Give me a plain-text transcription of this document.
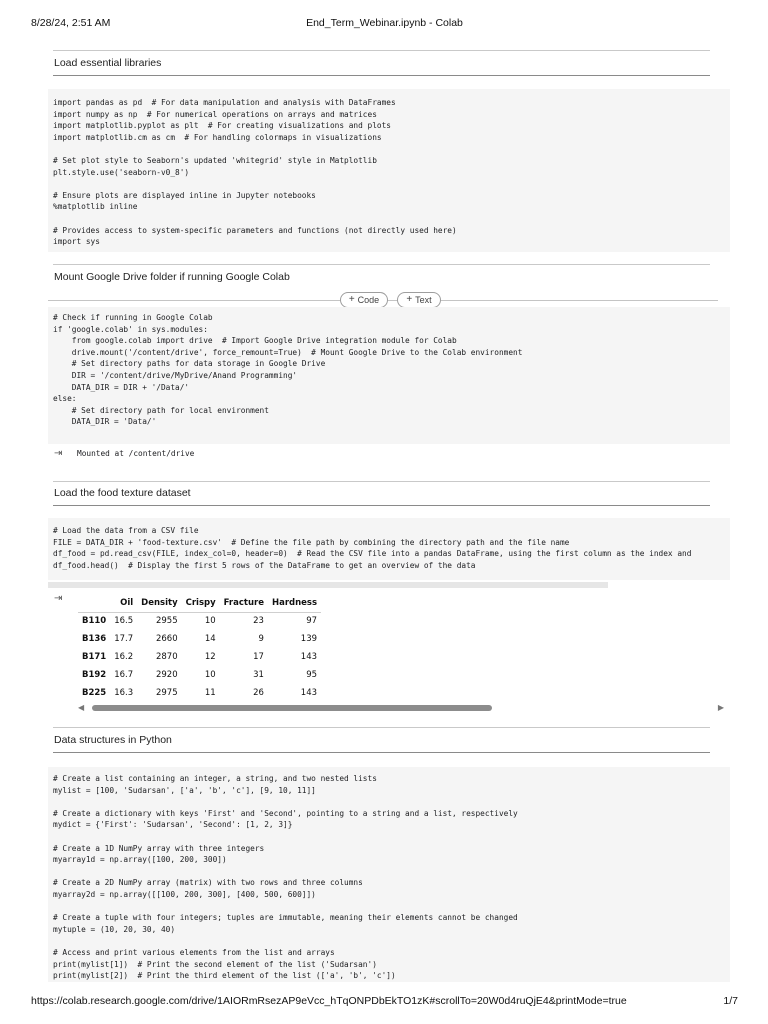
8/28/24, 2:51 AM	End_Term_Webinar.ipynb - Colab
Load essential libraries
import pandas as pd  # For data manipulation and analysis with DataFrames
import numpy as np  # For numerical operations on arrays and matrices
import matplotlib.pyplot as plt  # For creating visualizations and plots
import matplotlib.cm as cm  # For handling colormaps in visualizations

# Set plot style to Seaborn's updated 'whitegrid' style in Matplotlib
plt.style.use('seaborn-v0_8')

# Ensure plots are displayed inline in Jupyter notebooks
%matplotlib inline

# Provides access to system-specific parameters and functions (not directly used here)
import sys
Mount Google Drive folder if running Google Colab
+ Code	+ Text
# Check if running in Google Colab
if 'google.colab' in sys.modules:
from google.colab import drive  # Import Google Drive integration module for Colab
drive.mount('/content/drive', force_remount=True)  # Mount Google Drive to the Colab environment
# Set directory paths for data storage in Google Drive
DIR = '/content/drive/MyDrive/Anand Programming'
DATA_DIR = DIR + '/Data/'
else:
# Set directory path for local environment
DATA_DIR = 'Data/'
⇥	Mounted at /content/drive
Load the food texture dataset
# Load the data from a CSV file
FILE = DATA_DIR + 'food-texture.csv'  # Define the file path by combining the directory path and the file name
df_food = pd.read_csv(FILE, index_col=0, header=0)  # Read the CSV file into a pandas DataFrame, using the first column as the index and
df_food.head()  # Display the first 5 rows of the DataFrame to get an overview of the data
⇥
		Oil	Density	Crispy	Fracture	Hardness
B110	16.5	2955	10	23	97
B136	17.7	2660	14	9	139
B171	16.2	2870	12	17	143
B192	16.7	2920	10	31	95
B225	16.3	2975	11	26	143
◀	▶
Data structures in Python
# Create a list containing an integer, a string, and two nested lists
mylist = [100, 'Sudarsan', ['a', 'b', 'c'], [9, 10, 11]]

# Create a dictionary with keys 'First' and 'Second', pointing to a string and a list, respectively
mydict = {'First': 'Sudarsan', 'Second': [1, 2, 3]}

# Create a 1D NumPy array with three integers
myarray1d = np.array([100, 200, 300])

# Create a 2D NumPy array (matrix) with two rows and three columns
myarray2d = np.array([[100, 200, 300], [400, 500, 600]])

# Create a tuple with four integers; tuples are immutable, meaning their elements cannot be changed
mytuple = (10, 20, 30, 40)

# Access and print various elements from the list and arrays
print(mylist[1])  # Print the second element of the list ('Sudarsan')
print(mylist[2])  # Print the third element of the list (['a', 'b', 'c'])
https://colab.research.google.com/drive/1AIORmRsezAP9eVcc_hTqONPDbEkTO1zK#scrollTo=20W0d4ruQjE4&printMode=true	1/7
